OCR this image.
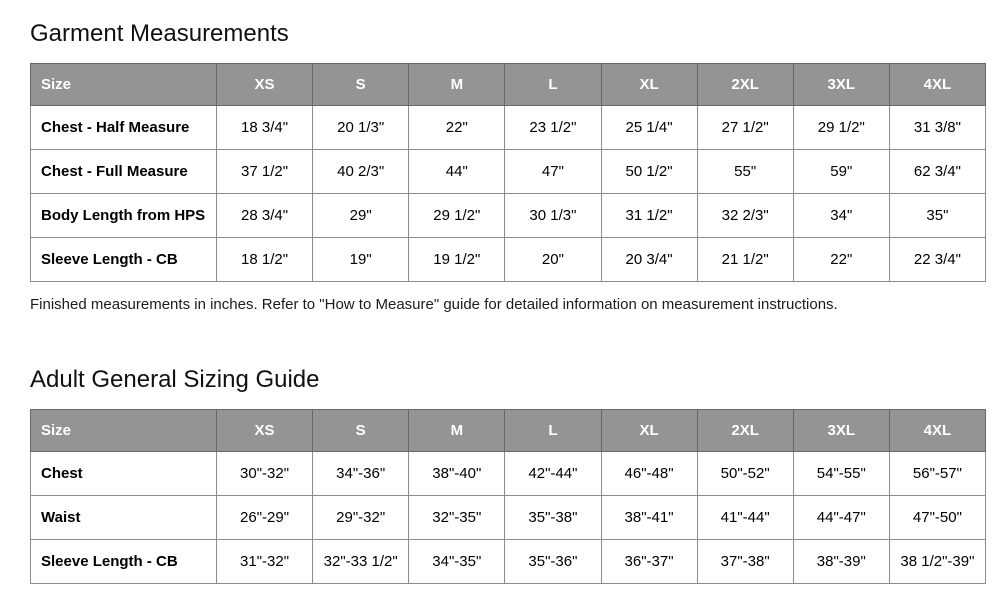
Garment Measurements
Size	XS	S	M	L	XL	2XL	3XL	4XL
Chest - Half Measure	18 3/4"	20 1/3"	22"	23 1/2"	25 1/4"	27 1/2"	29 1/2"	31 3/8"
Chest - Full Measure	37 1/2"	40 2/3"	44"	47"	50 1/2"	55"	59"	62 3/4"
Body Length from HPS	28 3/4"	29"	29 1/2"	30 1/3"	31 1/2"	32 2/3"	34"	35"
Sleeve Length - CB	18 1/2"	19"	19 1/2"	20"	20 3/4"	21 1/2"	22"	22 3/4"

Finished measurements in inches. Refer to "How to Measure" guide for detailed information on measurement instructions.

Adult General Sizing Guide
Size	XS	S	M	L	XL	2XL	3XL	4XL
Chest	30"-32"	34"-36"	38"-40"	42"-44"	46"-48"	50"-52"	54"-55"	56"-57"
Waist	26"-29"	29"-32"	32"-35"	35"-38"	38"-41"	41"-44"	44"-47"	47"-50"
Sleeve Length - CB	31"-32"	32"-33 1/2"	34"-35"	35"-36"	36"-37"	37"-38"	38"-39"	38 1/2"-39"
